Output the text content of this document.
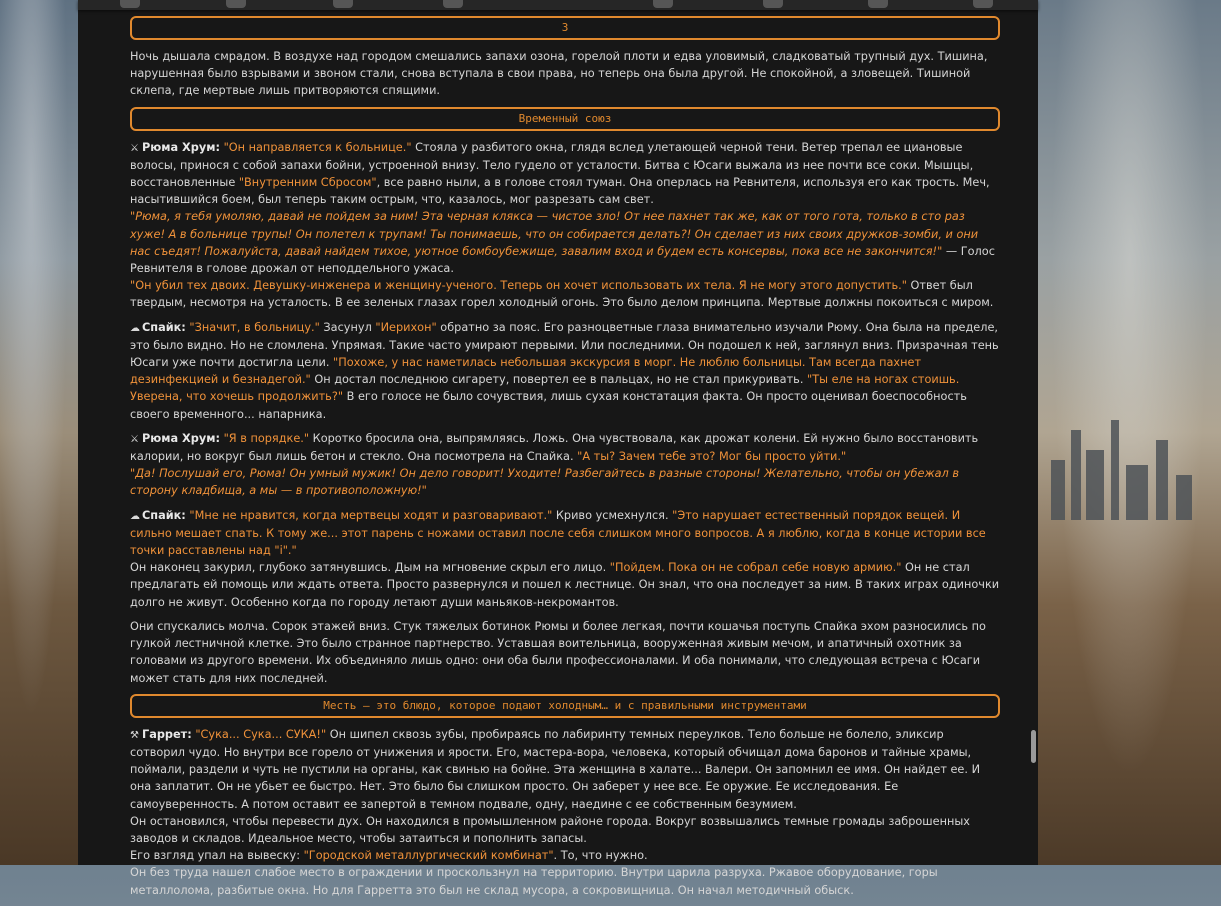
3

Ночь дышала смрадом. В воздухе над городом смешались запахи озона, горелой плоти и едва уловимый, сладковатый трупный дух. Тишина, нарушенная было взрывами и звоном стали, снова вступала в свои права, но теперь она была другой. Не спокойной, а зловещей. Тишиной склепа, где мертвые лишь притворяются спящими.

Временный союз

⚔ Рюма Хрум: "Он направляется к больнице." Стояла у разбитого окна, глядя вслед улетающей черной тени. Ветер трепал ее циановые волосы, принося с собой запахи бойни, устроенной внизу. Тело гудело от усталости. Битва с Юсаги выжала из нее почти все соки. Мышцы, восстановленные "Внутренним Сбросом", все равно ныли, а в голове стоял туман. Она оперлась на Ревнителя, используя его как трость. Меч, насытившийся боем, был теперь таким острым, что, казалось, мог разрезать сам свет.
"Рюма, я тебя умоляю, давай не пойдем за ним! Эта черная клякса — чистое зло! От нее пахнет так же, как от того гота, только в сто раз хуже! А в больнице трупы! Он полетел к трупам! Ты понимаешь, что он собирается делать?! Он сделает из них своих дружков-зомби, и они нас съедят! Пожалуйста, давай найдем тихое, уютное бомбоубежище, завалим вход и будем есть консервы, пока все не закончится!" — Голос Ревнителя в голове дрожал от неподдельного ужаса.
"Он убил тех двоих. Девушку-инженера и женщину-ученого. Теперь он хочет использовать их тела. Я не могу этого допустить." Ответ был твердым, несмотря на усталость. В ее зеленых глазах горел холодный огонь. Это было делом принципа. Мертвые должны покоиться с миром.

☁ Спайк: "Значит, в больницу." Засунул "Иерихон" обратно за пояс. Его разноцветные глаза внимательно изучали Рюму. Она была на пределе, это было видно. Но не сломлена. Упрямая. Такие часто умирают первыми. Или последними. Он подошел к ней, заглянул вниз. Призрачная тень Юсаги уже почти достигла цели. "Похоже, у нас наметилась небольшая экскурсия в морг. Не люблю больницы. Там всегда пахнет дезинфекцией и безнадегой." Он достал последнюю сигарету, повертел ее в пальцах, но не стал прикуривать. "Ты еле на ногах стоишь. Уверена, что хочешь продолжить?" В его голосе не было сочувствия, лишь сухая констатация факта. Он просто оценивал боеспособность своего временного... напарника.

⚔ Рюма Хрум: "Я в порядке." Коротко бросила она, выпрямляясь. Ложь. Она чувствовала, как дрожат колени. Ей нужно было восстановить калории, но вокруг был лишь бетон и стекло. Она посмотрела на Спайка. "А ты? Зачем тебе это? Мог бы просто уйти."
"Да! Послушай его, Рюма! Он умный мужик! Он дело говорит! Уходите! Разбегайтесь в разные стороны! Желательно, чтобы он убежал в сторону кладбища, а мы — в противоположную!"

☁ Спайк: "Мне не нравится, когда мертвецы ходят и разговаривают." Криво усмехнулся. "Это нарушает естественный порядок вещей. И сильно мешает спать. К тому же... этот парень с ножами оставил после себя слишком много вопросов. А я люблю, когда в конце истории все точки расставлены над "i"."
Он наконец закурил, глубоко затянувшись. Дым на мгновение скрыл его лицо. "Пойдем. Пока он не собрал себе новую армию." Он не стал предлагать ей помощь или ждать ответа. Просто развернулся и пошел к лестнице. Он знал, что она последует за ним. В таких играх одиночки долго не живут. Особенно когда по городу летают души маньяков-некромантов.

Они спускались молча. Сорок этажей вниз. Стук тяжелых ботинок Рюмы и более легкая, почти кошачья поступь Спайка эхом разносились по гулкой лестничной клетке. Это было странное партнерство. Уставшая воительница, вооруженная живым мечом, и апатичный охотник за головами из другого времени. Их объединяло лишь одно: они оба были профессионалами. И оба понимали, что следующая встреча с Юсаги может стать для них последней.

Месть — это блюдо, которое подают холодным… и с правильными инструментами

⚒ Гаррет: "Сука... Сука... СУКА!" Он шипел сквозь зубы, пробираясь по лабиринту темных переулков. Тело больше не болело, эликсир сотворил чудо. Но внутри все горело от унижения и ярости. Его, мастера-вора, человека, который обчищал дома баронов и тайные храмы, поймали, раздели и чуть не пустили на органы, как свинью на бойне. Эта женщина в халате... Валери. Он запомнил ее имя. Он найдет ее. И она заплатит. Он не убьет ее быстро. Нет. Это было бы слишком просто. Он заберет у нее все. Ее оружие. Ее исследования. Ее самоуверенность. А потом оставит ее запертой в темном подвале, одну, наедине с ее собственным безумием.
Он остановился, чтобы перевести дух. Он находился в промышленном районе города. Вокруг возвышались темные громады заброшенных заводов и складов. Идеальное место, чтобы затаиться и пополнить запасы.
Его взгляд упал на вывеску: "Городской металлургический комбинат". То, что нужно.
Он без труда нашел слабое место в ограждении и проскользнул на территорию. Внутри царила разруха. Ржавое оборудование, горы металлолома, разбитые окна. Но для Гарретта это был не склад мусора, а сокровищница. Он начал методичный обыск.
